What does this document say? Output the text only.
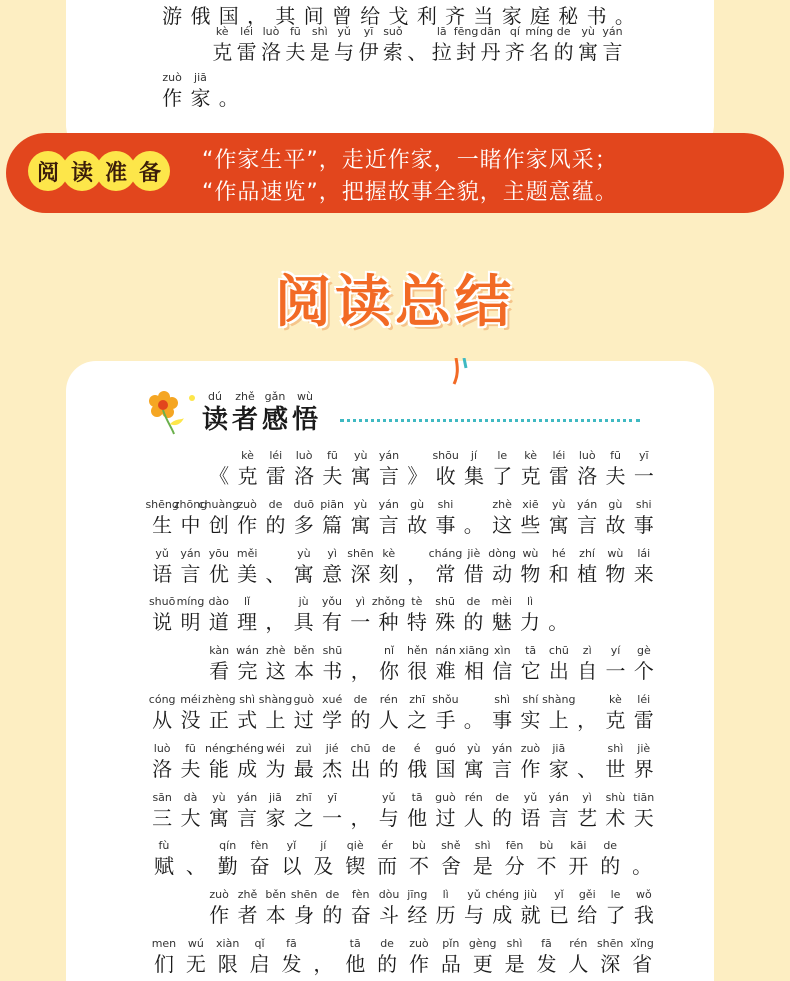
游 俄 国 ， 其 间 曾 给 戈 利 齐 当 家 庭 秘 书 。
kè
克
léi
雷
luò
洛
fū
夫
shì
是
yǔ
与
yī
伊
suǒ
索 、
lā
拉
fēng
封
dān
丹
qí
齐
míng
名
de
的
yù
寓
yán
言
zuò
作
jiā
家 。
阅 读 准 备	“作家生平”，走近作家，一睹作家风采；
“作品速览”，把握故事全貌，主题意蕴。
阅读总结
dú
读
zhě
者
gǎn
感
wù
悟
《
kè
克
léi
雷
luò
洛
fū
夫
yù
寓
yán
言 》
shōu
收
jí
集
le
了
kè
克
léi
雷
luò
洛
fū
夫
yī
一
shēng
生
zhōng
中
chuàng
创
zuò
作
de
的
duō
多
piān
篇
yù
寓
yán
言
gù
故
shi
事 。
zhè
这
xiē
些
yù
寓
yán
言
gù
故
shi
事
yǔ
语
yán
言
yōu
优
měi
美 、
yù
寓
yì
意
shēn
深
kè
刻 ，
cháng
常
jiè
借
dòng
动
wù
物
hé
和
zhí
植
wù
物
lái
来
shuō
说
míng
明
dào
道
lǐ
理 ，
jù
具
yǒu
有
yì
一
zhǒng
种
tè
特
shū
殊
de
的
mèi
魅
lì
力 。
kàn
看
wán
完
zhè
这
běn
本
shū
书 ，
nǐ
你
hěn
很
nán
难
xiāng
相
xìn
信
tā
它
chū
出
zì
自
yí
一
gè
个
cóng
从
méi
没
zhèng
正
shì
式
shàng
上
guò
过
xué
学
de
的
rén
人
zhī
之
shǒu
手 。
shì
事
shí
实
shàng
上 ，
kè
克
léi
雷
luò
洛
fū
夫
néng
能
chéng
成
wéi
为
zuì
最
jié
杰
chū
出
de
的
é
俄
guó
国
yù
寓
yán
言
zuò
作
jiā
家 、
shì
世
jiè
界
sān
三
dà
大
yù
寓
yán
言
jiā
家
zhī
之
yī
一 ，
yǔ
与
tā
他
guò
过
rén
人
de
的
yǔ
语
yán
言
yì
艺
shù
术
tiān
天
fù
赋 、
qín
勤
fèn
奋
yǐ
以
jí
及
qiè
锲
ér
而
bù
不
shě
舍
shì
是
fēn
分
bù
不
kāi
开
de
的 。
zuò
作
zhě
者
běn
本
shēn
身
de
的
fèn
奋
dòu
斗
jīng
经
lì
历
yǔ
与
chéng
成
jiù
就
yǐ
已
gěi
给
le
了
wǒ
我
men
们
wú
无
xiàn
限
qǐ
启
fā
发 ，
tā
他
de
的
zuò
作
pǐn
品
gèng
更
shì
是
fā
发
rén
人
shēn
深
xǐng
省
